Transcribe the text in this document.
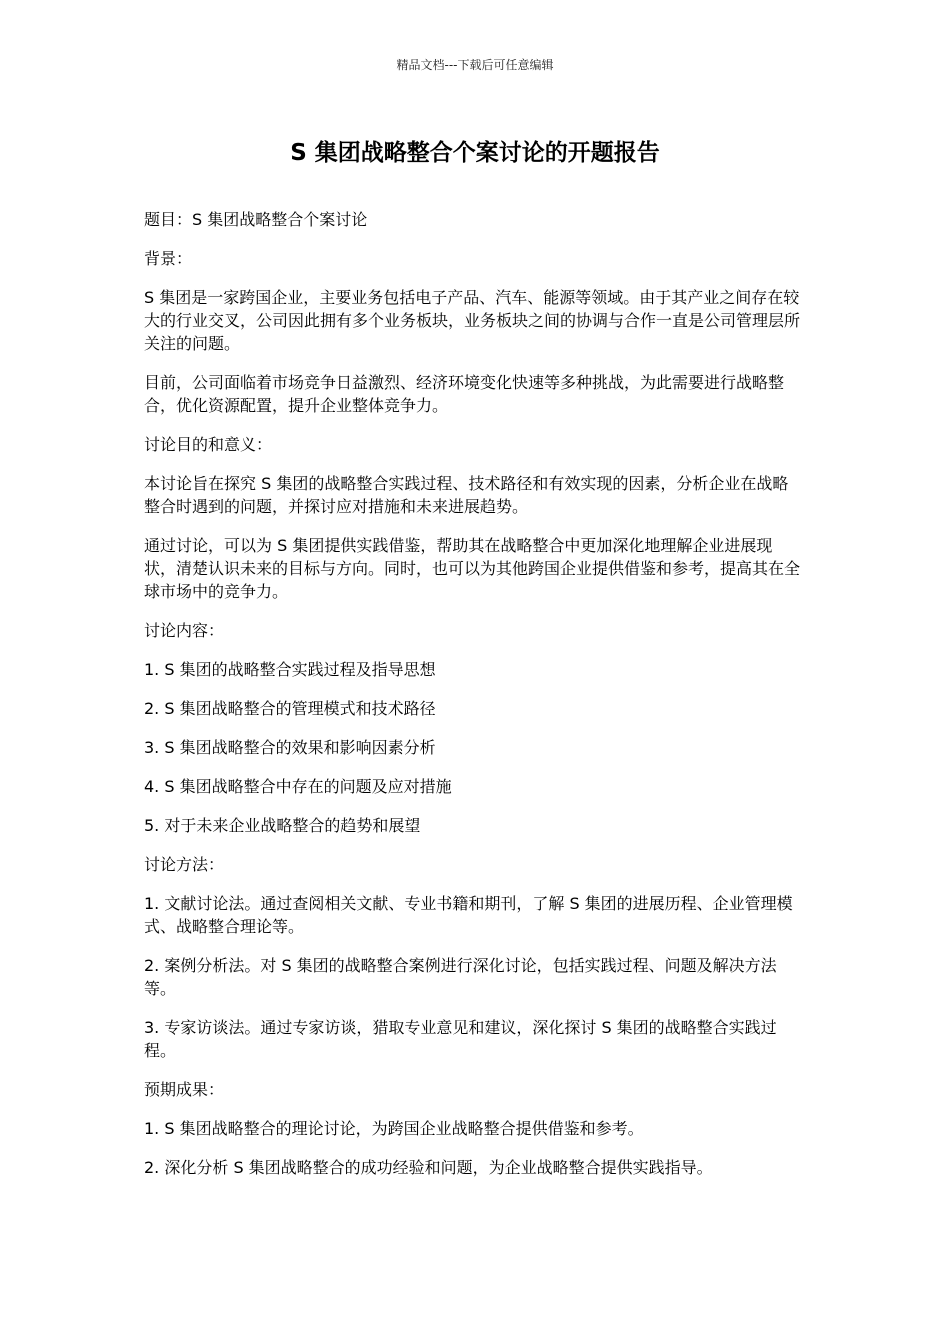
精品文档---下载后可任意编辑
S 集团战略整合个案讨论的开题报告

题目：S 集团战略整合个案讨论

背景：

S 集团是一家跨国企业，主要业务包括电子产品、汽车、能源等领域。由于其产业之间存在较大的行业交叉，公司因此拥有多个业务板块，业务板块之间的协调与合作一直是公司管理层所关注的问题。

目前，公司面临着市场竞争日益激烈、经济环境变化快速等多种挑战，为此需要进行战略整合，优化资源配置，提升企业整体竞争力。

讨论目的和意义：

本讨论旨在探究 S 集团的战略整合实践过程、技术路径和有效实现的因素，分析企业在战略整合时遇到的问题，并探讨应对措施和未来进展趋势。

通过讨论，可以为 S 集团提供实践借鉴，帮助其在战略整合中更加深化地理解企业进展现状，清楚认识未来的目标与方向。同时，也可以为其他跨国企业提供借鉴和参考，提高其在全球市场中的竞争力。

讨论内容：

1. S 集团的战略整合实践过程及指导思想

2. S 集团战略整合的管理模式和技术路径

3. S 集团战略整合的效果和影响因素分析

4. S 集团战略整合中存在的问题及应对措施

5. 对于未来企业战略整合的趋势和展望

讨论方法：

1. 文献讨论法。通过查阅相关文献、专业书籍和期刊，了解 S 集团的进展历程、企业管理模式、战略整合理论等。

2. 案例分析法。对 S 集团的战略整合案例进行深化讨论，包括实践过程、问题及解决方法等。

3. 专家访谈法。通过专家访谈，猎取专业意见和建议，深化探讨 S 集团的战略整合实践过程。

预期成果：

1. S 集团战略整合的理论讨论，为跨国企业战略整合提供借鉴和参考。

2. 深化分析 S 集团战略整合的成功经验和问题，为企业战略整合提供实践指导。
